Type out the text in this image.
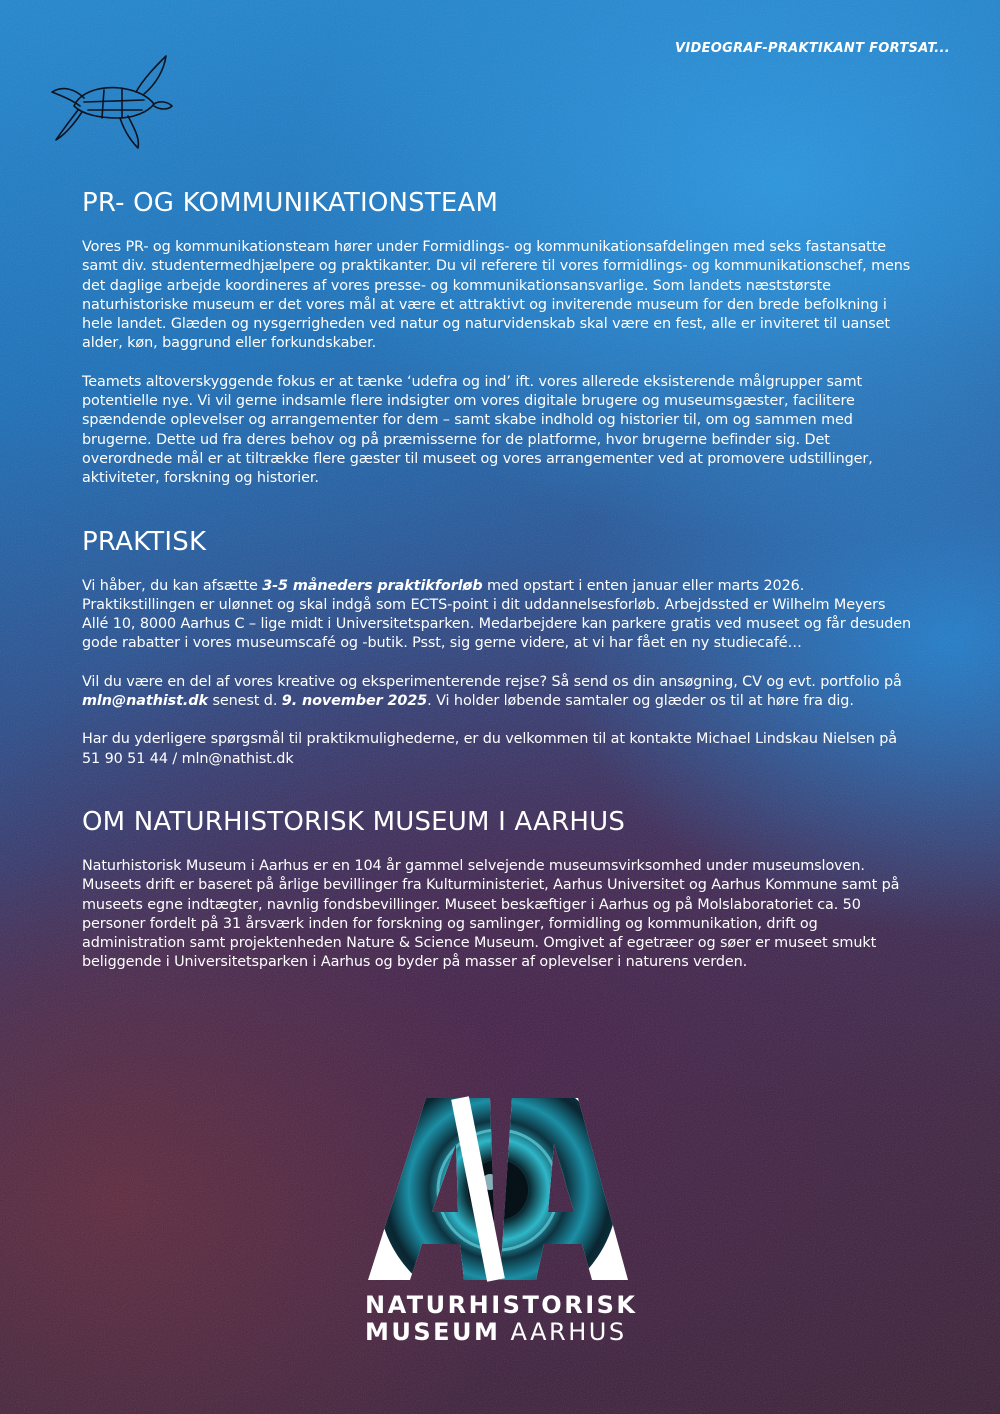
VIDEOGRAF-PRAKTIKANT FORTSAT...

PR- OG KOMMUNIKATIONSTEAM

Vores PR- og kommunikationsteam hører under Formidlings- og kommunikationsafdelingen med seks fastansatte samt div. studentermedhjælpere og praktikanter. Du vil referere til vores formidlings- og kommunikationschef, mens det daglige arbejde koordineres af vores presse- og kommunikationsansvarlige. Som landets næststørste naturhistoriske museum er det vores mål at være et attraktivt og inviterende museum for den brede befolkning i hele landet. Glæden og nysgerrigheden ved natur og naturvidenskab skal være en fest, alle er inviteret til uanset alder, køn, baggrund eller forkundskaber.

Teamets altoverskyggende fokus er at tænke ‘udefra og ind’ ift. vores allerede eksisterende målgrupper samt potentielle nye. Vi vil gerne indsamle flere indsigter om vores digitale brugere og museumsgæster, facilitere spændende oplevelser og arrangementer for dem – samt skabe indhold og historier til, om og sammen med brugerne. Dette ud fra deres behov og på præmisserne for de platforme, hvor brugerne befinder sig. Det overordnede mål er at tiltrække flere gæster til museet og vores arrangementer ved at promovere udstillinger, aktiviteter, forskning og historier.

PRAKTISK

Vi håber, du kan afsætte 3-5 måneders praktikforløb med opstart i enten januar eller marts 2026. Praktikstillingen er ulønnet og skal indgå som ECTS-point i dit uddannelsesforløb. Arbejdssted er Wilhelm Meyers Allé 10, 8000 Aarhus C – lige midt i Universitetsparken. Medarbejdere kan parkere gratis ved museet og får desuden gode rabatter i vores museumscafé og -butik. Psst, sig gerne videre, at vi har fået en ny studiecafé…

Vil du være en del af vores kreative og eksperimenterende rejse? Så send os din ansøgning, CV og evt. portfolio på mln@nathist.dk senest d. 9. november 2025. Vi holder løbende samtaler og glæder os til at høre fra dig.

Har du yderligere spørgsmål til praktikmulighederne, er du velkommen til at kontakte Michael Lindskau Nielsen på 51 90 51 44 / mln@nathist.dk

OM NATURHISTORISK MUSEUM I AARHUS

Naturhistorisk Museum i Aarhus er en 104 år gammel selvejende museumsvirksomhed under museumsloven. Museets drift er baseret på årlige bevillinger fra Kulturministeriet, Aarhus Universitet og Aarhus Kommune samt på museets egne indtægter, navnlig fondsbevillinger. Museet beskæftiger i Aarhus og på Molslaboratoriet ca. 50 personer fordelt på 31 årsværk inden for forskning og samlinger, formidling og kommunikation, drift og administration samt projektenheden Nature & Science Museum. Omgivet af egetræer og søer er museet smukt beliggende i Universitetsparken i Aarhus og byder på masser af oplevelser i naturens verden.

NATURHISTORISK
MUSEUM AARHUS
